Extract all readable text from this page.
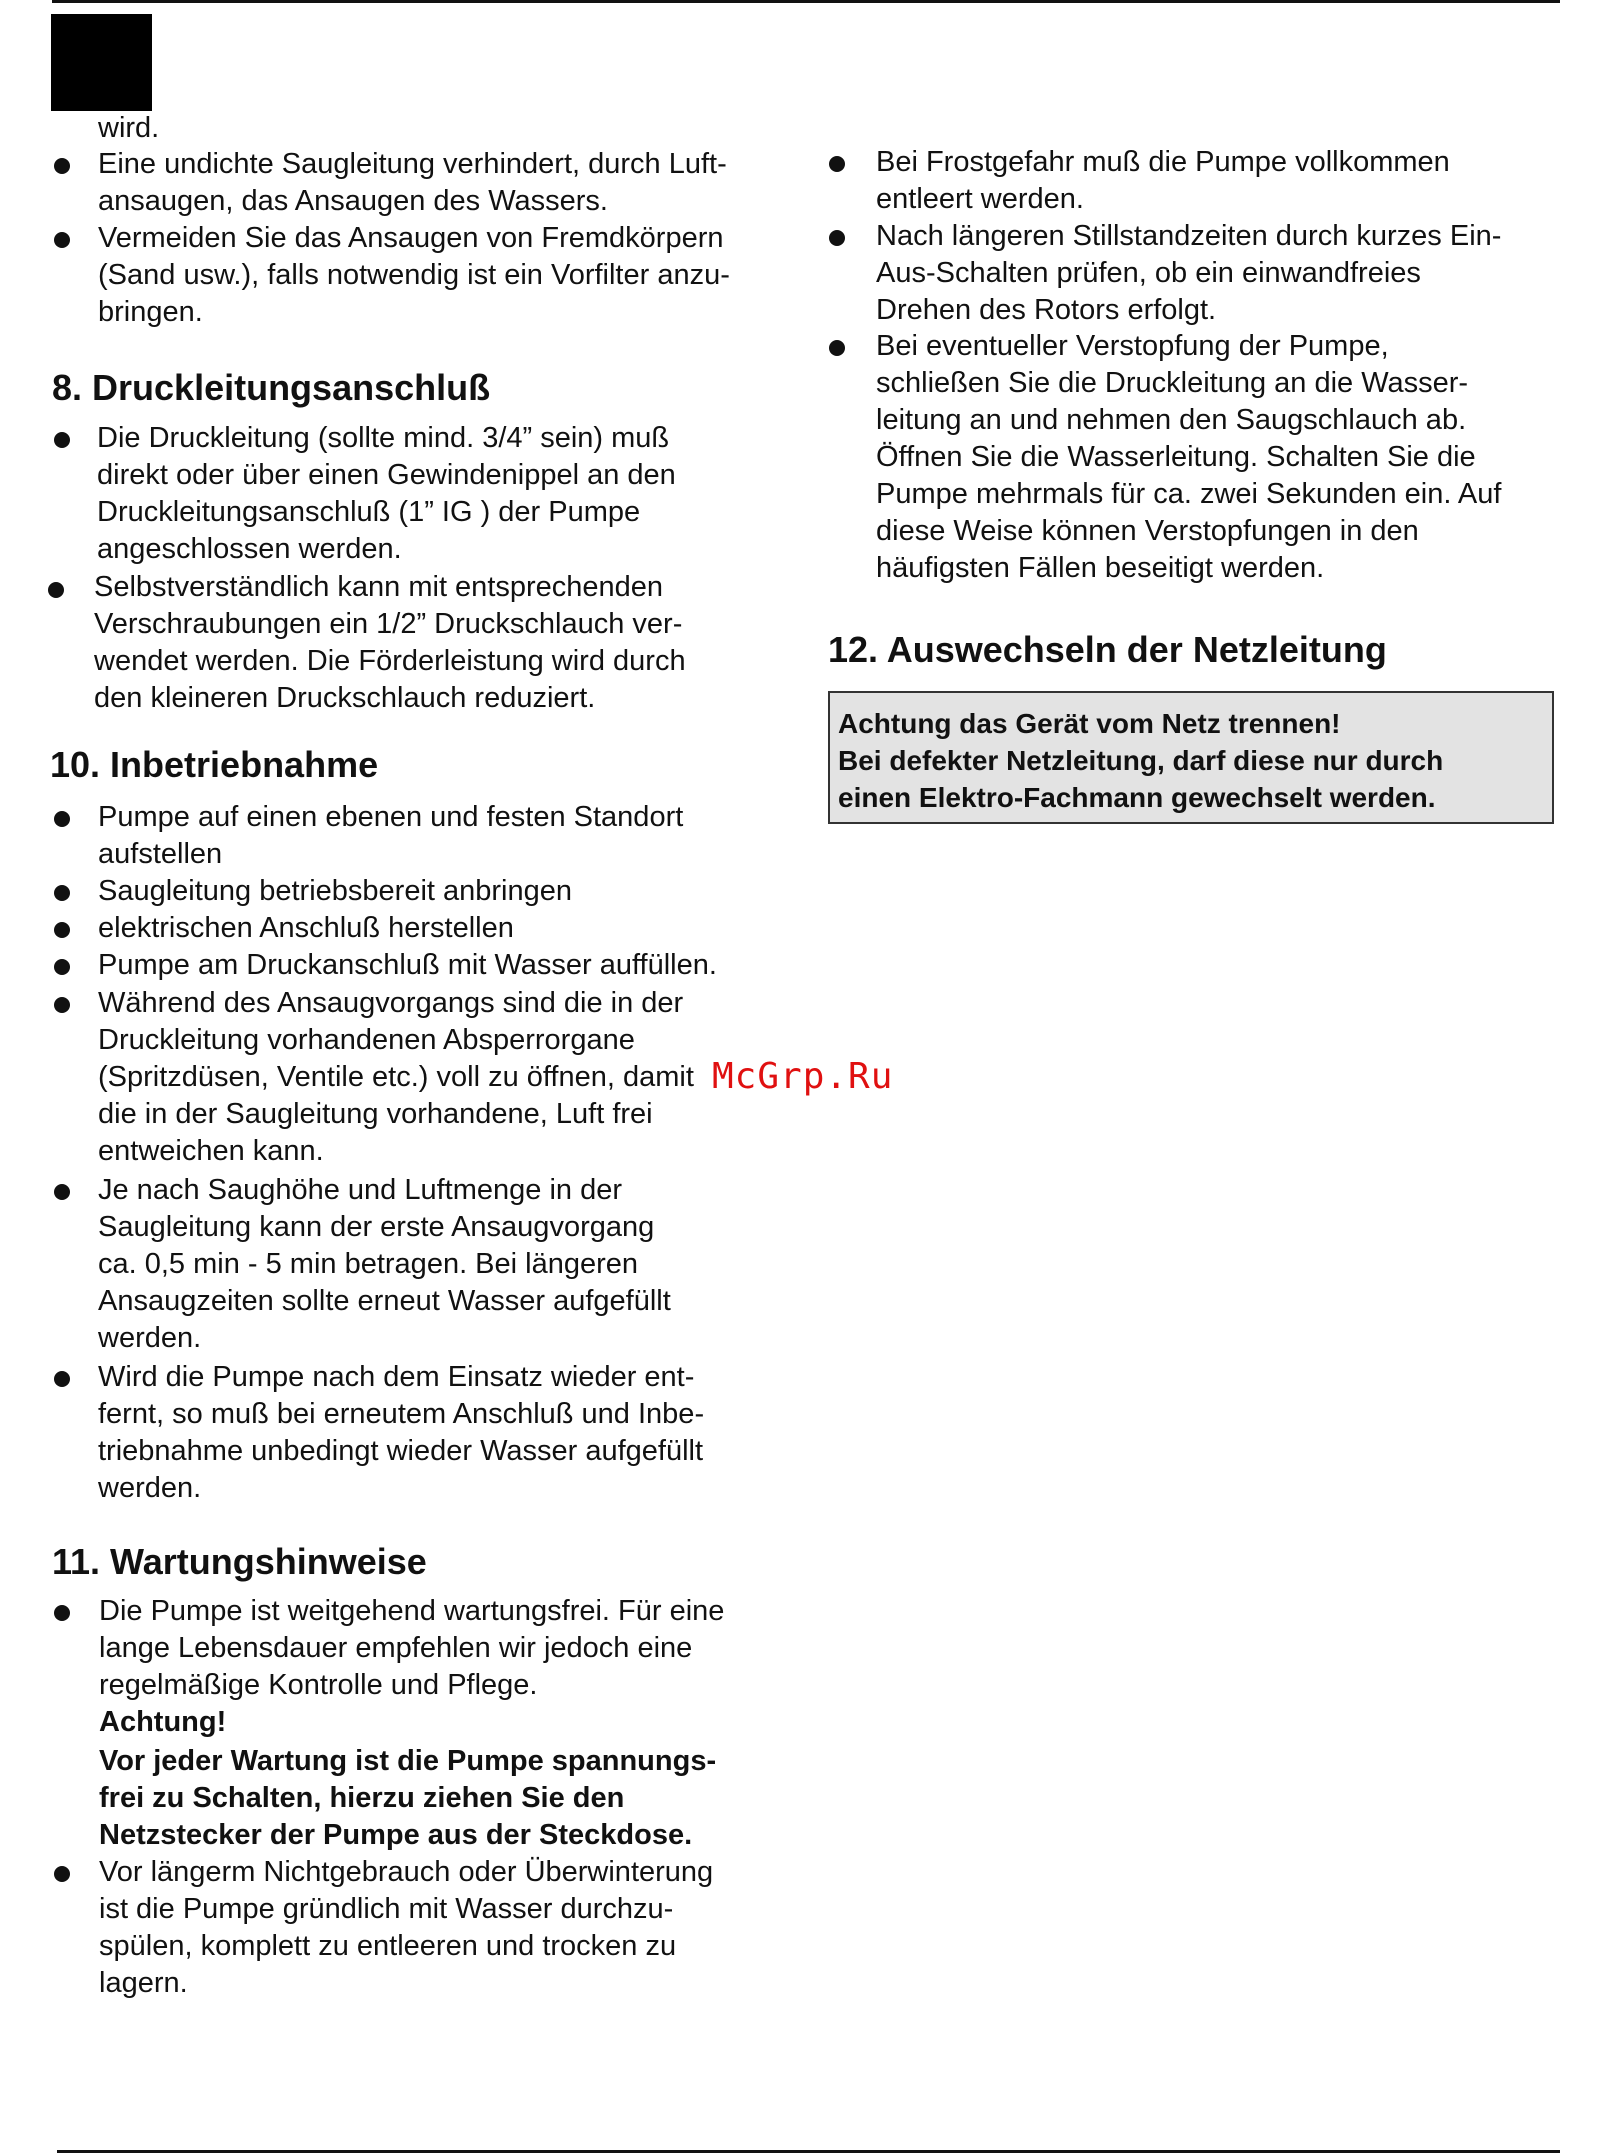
wird.
Eine undichte Saugleitung verhindert, durch Luft-
ansaugen, das Ansaugen des Wassers.
Vermeiden Sie das Ansaugen von Fremdkörpern
(Sand usw.), falls notwendig ist ein Vorfilter anzu-
bringen.
8. Druckleitungsanschluß
Die Druckleitung (sollte mind. 3/4” sein) muß
direkt oder über einen Gewindenippel an den
Druckleitungsanschluß (1” IG ) der Pumpe
angeschlossen werden.
Selbstverständlich kann mit entsprechenden
Verschraubungen ein 1/2” Druckschlauch ver-
wendet werden. Die Förderleistung wird durch
den kleineren Druckschlauch reduziert.
10. Inbetriebnahme
Pumpe auf einen ebenen und festen Standort
aufstellen
Saugleitung betriebsbereit anbringen
elektrischen Anschluß herstellen
Pumpe am Druckanschluß mit Wasser auffüllen.
Während des Ansaugvorgangs sind die in der
Druckleitung vorhandenen Absperrorgane
(Spritzdüsen, Ventile etc.) voll zu öffnen, damit
die in der Saugleitung vorhandene, Luft frei
entweichen kann.
Je nach Saughöhe und Luftmenge in der
Saugleitung kann der erste Ansaugvorgang
ca. 0,5 min - 5 min betragen. Bei längeren
Ansaugzeiten sollte erneut Wasser aufgefüllt
werden.
Wird die Pumpe nach dem Einsatz wieder ent-
fernt, so muß bei erneutem Anschluß und Inbe-
triebnahme unbedingt wieder Wasser aufgefüllt
werden.
11. Wartungshinweise
Die Pumpe ist weitgehend wartungsfrei. Für eine
lange Lebensdauer empfehlen wir jedoch eine
regelmäßige Kontrolle und Pflege.
Achtung!
Vor jeder Wartung ist die Pumpe spannungs-
frei zu Schalten, hierzu ziehen Sie den
Netzstecker der Pumpe aus der Steckdose.
Vor längerm Nichtgebrauch oder Überwinterung
ist die Pumpe gründlich mit Wasser durchzu-
spülen, komplett zu entleeren und trocken zu
lagern.
Bei Frostgefahr muß die Pumpe vollkommen
entleert werden.
Nach längeren Stillstandzeiten durch kurzes Ein-
Aus-Schalten prüfen, ob ein einwandfreies
Drehen des Rotors erfolgt.
Bei eventueller Verstopfung der Pumpe,
schließen Sie die Druckleitung an die Wasser-
leitung an und nehmen den Saugschlauch ab.
Öffnen Sie die Wasserleitung. Schalten Sie die
Pumpe mehrmals für ca. zwei Sekunden ein. Auf
diese Weise können Verstopfungen in den
häufigsten Fällen beseitigt werden.
12. Auswechseln der Netzleitung
Achtung das Gerät vom Netz trennen!
Bei defekter Netzleitung, darf diese nur durch
einen Elektro-Fachmann gewechselt werden.
McGrp.Ru
